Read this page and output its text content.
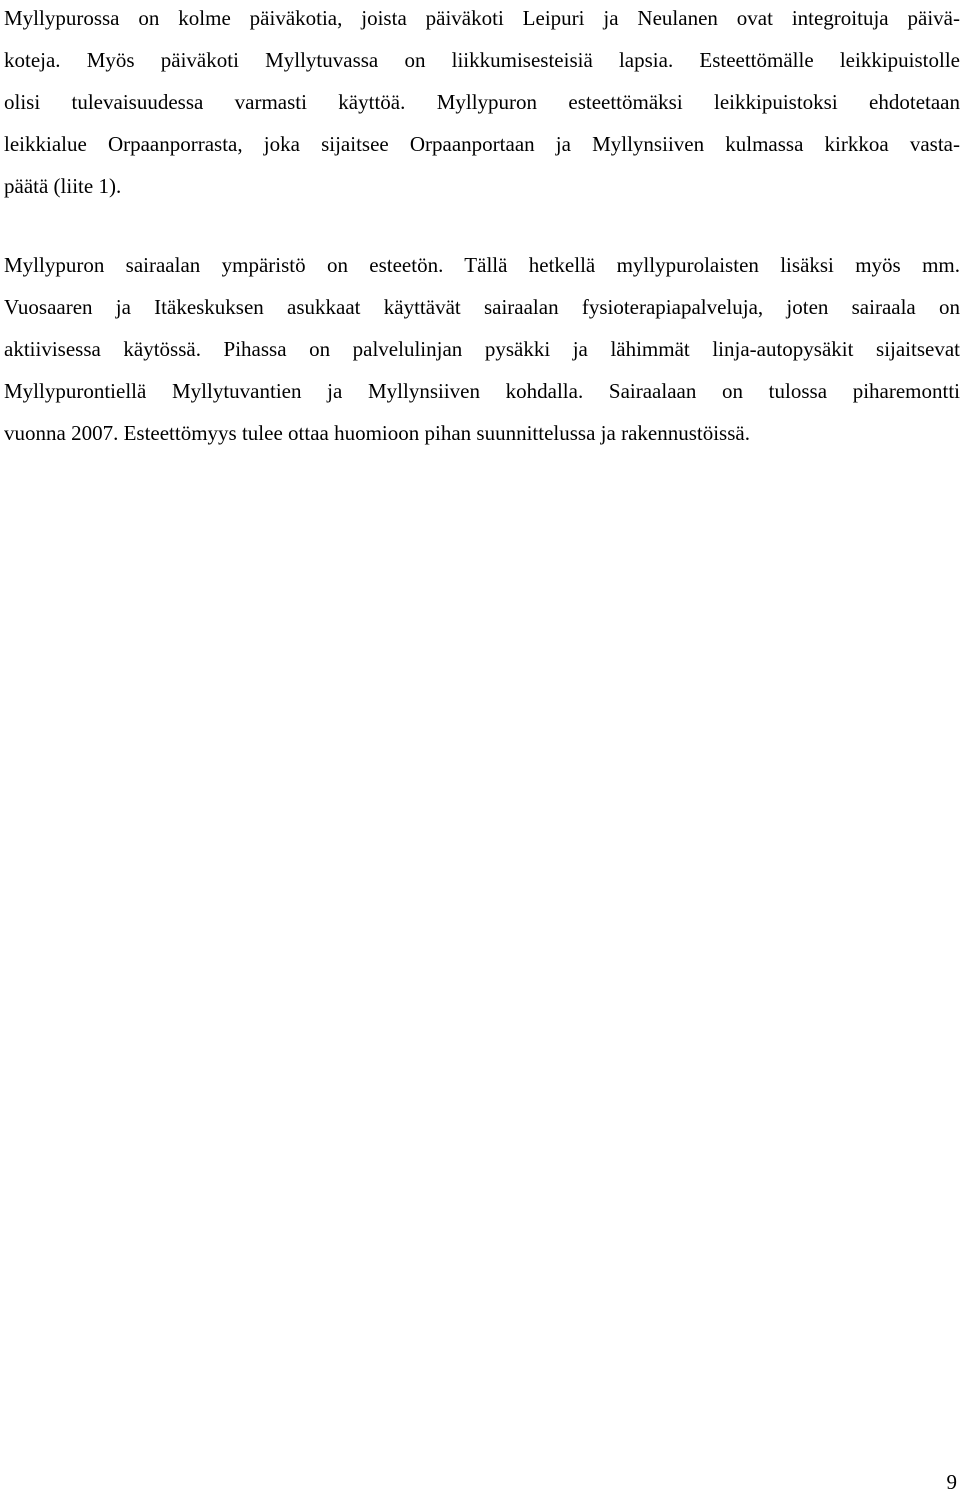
Myllypurossa on kolme päiväkotia, joista päiväkoti Leipuri ja Neulanen ovat integroituja päivä-
koteja. Myös päiväkoti Myllytuvassa on liikkumisesteisiä lapsia. Esteettömälle leikkipuistolle
olisi tulevaisuudessa varmasti käyttöä. Myllypuron esteettömäksi leikkipuistoksi ehdotetaan
leikkialue Orpaanporrasta, joka sijaitsee Orpaanportaan ja Myllynsiiven kulmassa kirkkoa vasta-
päätä (liite 1).

Myllypuron sairaalan ympäristö on esteetön. Tällä hetkellä myllypurolaisten lisäksi myös mm.
Vuosaaren ja Itäkeskuksen asukkaat käyttävät sairaalan fysioterapiapalveluja, joten sairaala on
aktiivisessa käytössä. Pihassa on palvelulinjan pysäkki ja lähimmät linja-autopysäkit sijaitsevat
Myllypurontiellä Myllytuvantien ja Myllynsiiven kohdalla. Sairaalaan on tulossa piharemontti
vuonna 2007. Esteettömyys tulee ottaa huomioon pihan suunnittelussa ja rakennustöissä.

9
